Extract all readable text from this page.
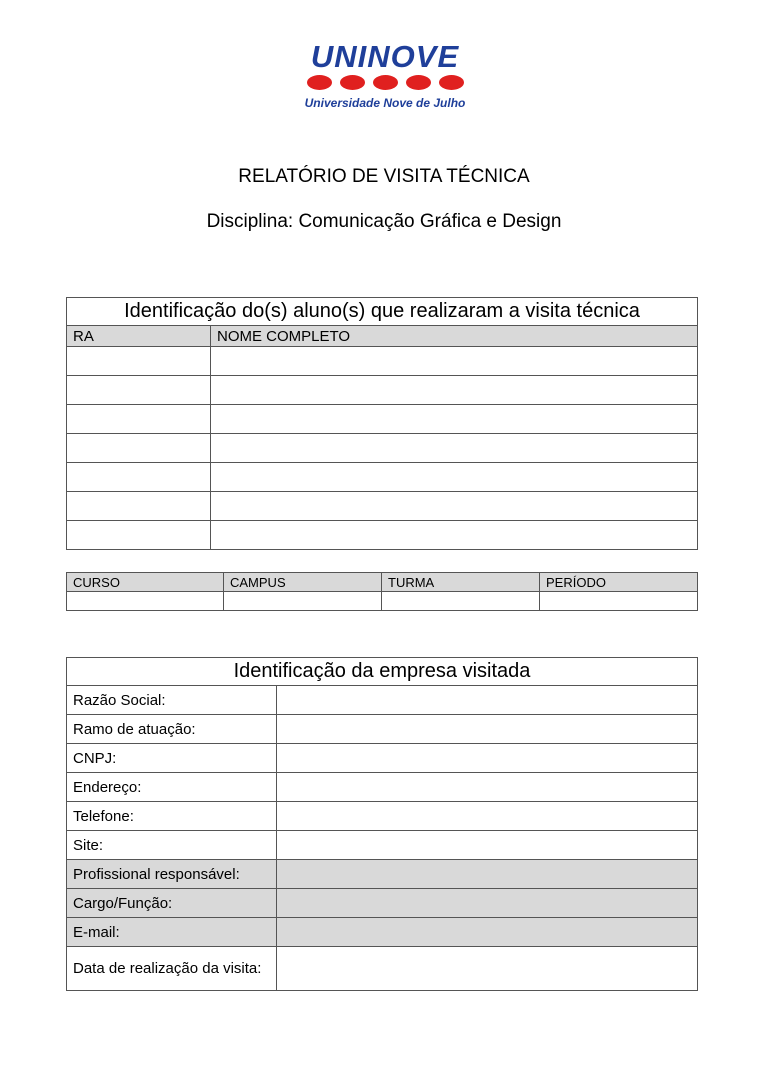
UNINOVE
Universidade Nove de Julho
RELATÓRIO DE VISITA TÉCNICA
Disciplina: Comunicação Gráfica e Design
Identificação do(s) aluno(s) que realizaram a visita técnica	
RA	NOME COMPLETO

CURSO	CAMPUS	TURMA	PERÍODO

Identificação da empresa visitada	
Razão Social:	
Ramo de atuação:	
CNPJ:	
Endereço:	
Telefone:	
Site:	
Profissional responsável:	
Cargo/Função:	
E-mail:	
Data de realização da visita:	
